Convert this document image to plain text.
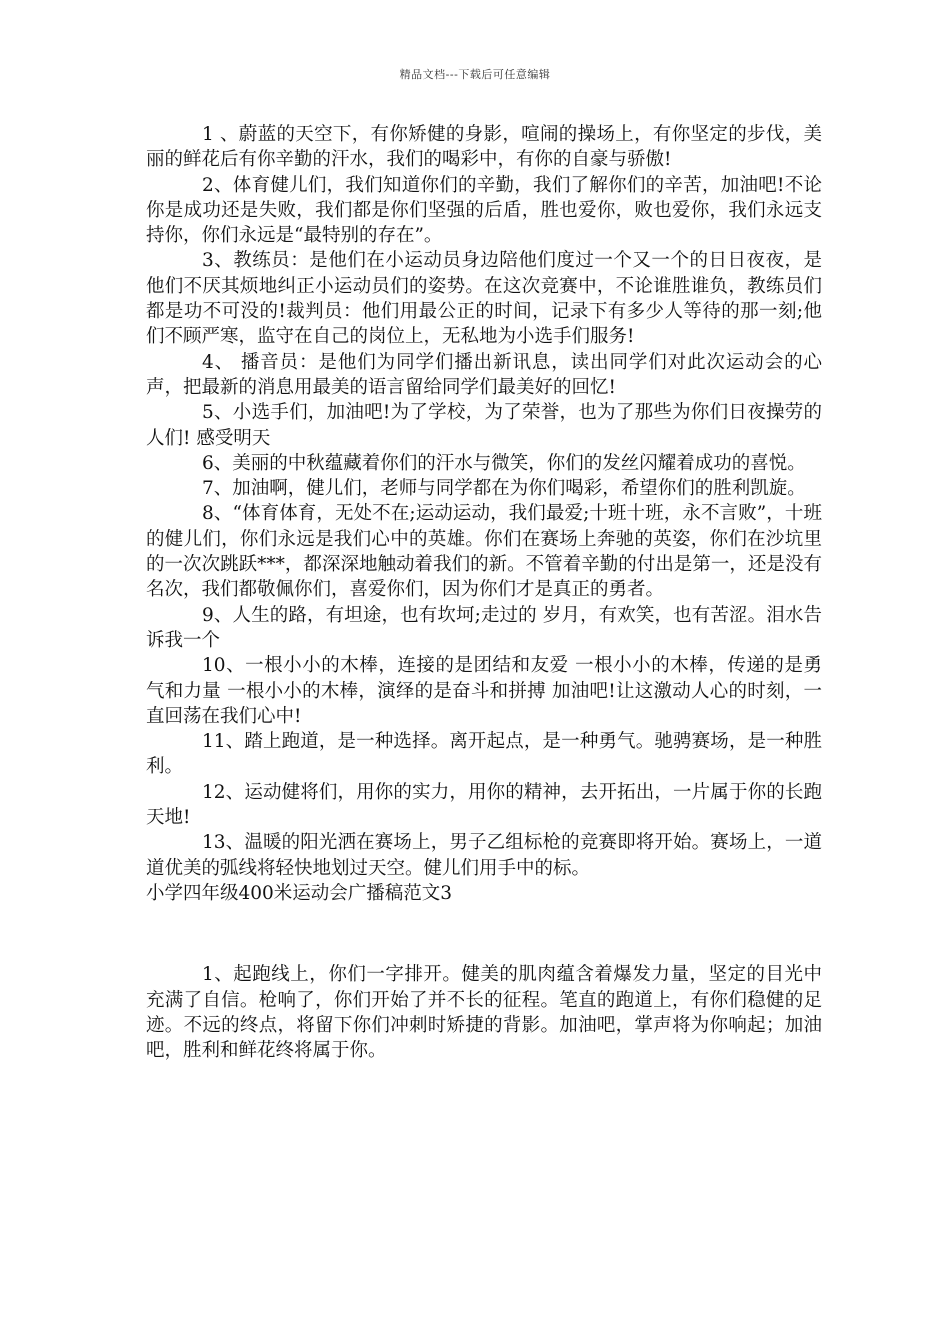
精品文档---下载后可任意编辑

1 、蔚蓝的天空下，有你矫健的身影，喧闹的操场上，有你坚定的步伐，美丽的鲜花后有你辛勤的汗水，我们的喝彩中，有你的自豪与骄傲!

2、体育健儿们，我们知道你们的辛勤，我们了解你们的辛苦，加油吧!不论你是成功还是失败，我们都是你们坚强的后盾，胜也爱你，败也爱你，我们永远支持你，你们永远是“最特别的存在”。

3、教练员：是他们在小运动员身边陪他们度过一个又一个的日日夜夜，是他们不厌其烦地纠正小运动员们的姿势。在这次竞赛中，不论谁胜谁负，教练员们都是功不可没的!裁判员：他们用最公正的时间，记录下有多少人等待的那一刻;他们不顾严寒，监守在自己的岗位上，无私地为小选手们服务!

4、 播音员：是他们为同学们播出新讯息，读出同学们对此次运动会的心声，把最新的消息用最美的语言留给同学们最美好的回忆!

5、小选手们，加油吧!为了学校，为了荣誉，也为了那些为你们日夜操劳的人们! 感受明天

6、美丽的中秋蕴藏着你们的汗水与微笑，你们的发丝闪耀着成功的喜悦。

7、加油啊，健儿们，老师与同学都在为你们喝彩，希望你们的胜利凯旋。

8、“体育体育，无处不在;运动运动，我们最爱;十班十班，永不言败”，十班的健儿们，你们永远是我们心中的英雄。你们在赛场上奔驰的英姿，你们在沙坑里的一次次跳跃***，都深深地触动着我们的新。不管着辛勤的付出是第一，还是没有名次，我们都敬佩你们，喜爱你们，因为你们才是真正的勇者。

9、人生的路，有坦途，也有坎坷;走过的 岁月，有欢笑，也有苦涩。泪水告诉我一个

10、一根小小的木棒，连接的是团结和友爱 一根小小的木棒，传递的是勇气和力量 一根小小的木棒，演绎的是奋斗和拼搏 加油吧!让这激动人心的时刻，一直回荡在我们心中!

11、踏上跑道，是一种选择。离开起点，是一种勇气。驰骋赛场，是一种胜利。

12、运动健将们，用你的实力，用你的精神，去开拓出，一片属于你的长跑天地!

13、温暖的阳光洒在赛场上，男子乙组标枪的竞赛即将开始。赛场上，一道道优美的弧线将轻快地划过天空。健儿们用手中的标。

小学四年级400米运动会广播稿范文3

1、起跑线上，你们一字排开。健美的肌肉蕴含着爆发力量，坚定的目光中充满了自信。枪响了，你们开始了并不长的征程。笔直的跑道上，有你们稳健的足迹。不远的终点，将留下你们冲刺时矫捷的背影。加油吧，掌声将为你响起；加油吧，胜利和鲜花终将属于你。
